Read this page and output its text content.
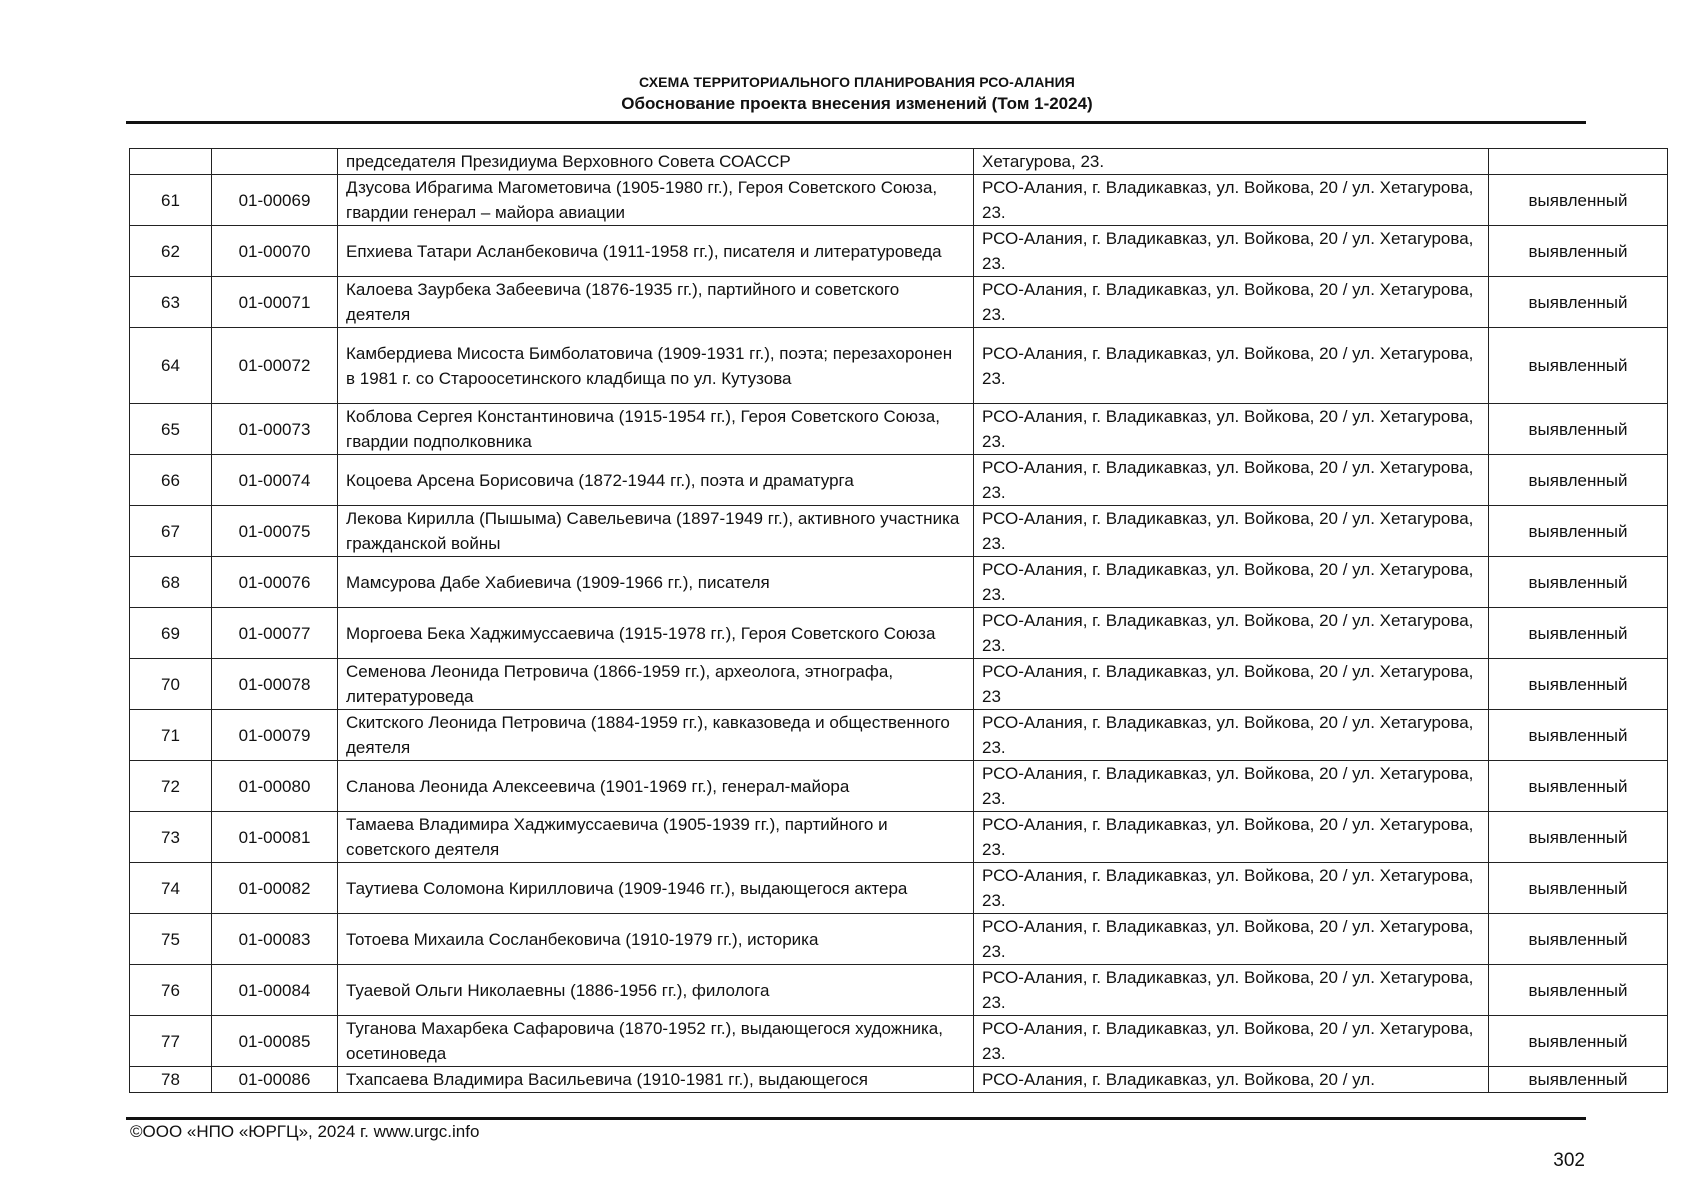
СХЕМА ТЕРРИТОРИАЛЬНОГО ПЛАНИРОВАНИЯ РСО-АЛАНИЯ
Обоснование проекта внесения изменений (Том 1-2024)
		председателя Президиума Верховного Совета СОАССР	Хетагурова, 23.	
61	01-00069	Дзусова Ибрагима Магометовича (1905-1980 гг.), Героя Советского Союза, гвардии генерал – майора авиации	РСО-Алания, г. Владикавказ, ул. Войкова, 20 / ул. Хетагурова, 23.	выявленный
62	01-00070	Епхиева Татари Асланбековича (1911-1958 гг.), писателя и литературоведа	РСО-Алания, г. Владикавказ, ул. Войкова, 20 / ул. Хетагурова, 23.	выявленный
63	01-00071	Калоева Заурбека Забеевича (1876-1935 гг.), партийного и советского деятеля	РСО-Алания, г. Владикавказ, ул. Войкова, 20 / ул. Хетагурова, 23.	выявленный
64	01-00072	Камбердиева Мисоста Бимболатовича (1909-1931 гг.), поэта; перезахоронен в 1981 г. со Староосетинского кладбища по ул. Кутузова	РСО-Алания, г. Владикавказ, ул. Войкова, 20 / ул. Хетагурова, 23.	выявленный
65	01-00073	Коблова Сергея Константиновича (1915-1954 гг.), Героя Советского Союза, гвардии подполковника	РСО-Алания, г. Владикавказ, ул. Войкова, 20 / ул. Хетагурова, 23.	выявленный
66	01-00074	Коцоева Арсена Борисовича (1872-1944 гг.), поэта и драматурга	РСО-Алания, г. Владикавказ, ул. Войкова, 20 / ул. Хетагурова, 23.	выявленный
67	01-00075	Лекова Кирилла (Пышыма) Савельевича (1897-1949 гг.), активного участника гражданской войны	РСО-Алания, г. Владикавказ, ул. Войкова, 20 / ул. Хетагурова, 23.	выявленный
68	01-00076	Мамсурова Дабе Хабиевича (1909-1966 гг.), писателя	РСО-Алания, г. Владикавказ, ул. Войкова, 20 / ул. Хетагурова, 23.	выявленный
69	01-00077	Моргоева Бека Хаджимуссаевича (1915-1978 гг.), Героя Советского Союза	РСО-Алания, г. Владикавказ, ул. Войкова, 20 / ул. Хетагурова, 23.	выявленный
70	01-00078	Семенова Леонида Петровича (1866-1959 гг.), археолога, этнографа, литературоведа	РСО-Алания, г. Владикавказ, ул. Войкова, 20 / ул. Хетагурова, 23	выявленный
71	01-00079	Скитского Леонида Петровича (1884-1959 гг.), кавказоведа и общественного деятеля	РСО-Алания, г. Владикавказ, ул. Войкова, 20 / ул. Хетагурова, 23.	выявленный
72	01-00080	Сланова Леонида Алексеевича (1901-1969 гг.), генерал-майора	РСО-Алания, г. Владикавказ, ул. Войкова, 20 / ул. Хетагурова, 23.	выявленный
73	01-00081	Тамаева Владимира Хаджимуссаевича (1905-1939 гг.), партийного и советского деятеля	РСО-Алания, г. Владикавказ, ул. Войкова, 20 / ул. Хетагурова, 23.	выявленный
74	01-00082	Таутиева Соломона Кирилловича (1909-1946 гг.), выдающегося актера	РСО-Алания, г. Владикавказ, ул. Войкова, 20 / ул. Хетагурова, 23.	выявленный
75	01-00083	Тотоева Михаила Сосланбековича (1910-1979 гг.), историка	РСО-Алания, г. Владикавказ, ул. Войкова, 20 / ул. Хетагурова, 23.	выявленный
76	01-00084	Туаевой Ольги Николаевны (1886-1956 гг.), филолога	РСО-Алания, г. Владикавказ, ул. Войкова, 20 / ул. Хетагурова, 23.	выявленный
77	01-00085	Туганова Махарбека Сафаровича (1870-1952 гг.), выдающегося художника, осетиноведа	РСО-Алания, г. Владикавказ, ул. Войкова, 20 / ул. Хетагурова, 23.	выявленный
78	01-00086	Тхапсаева Владимира Васильевича (1910-1981 гг.), выдающегося	РСО-Алания, г. Владикавказ, ул. Войкова, 20 / ул.	выявленный
©ООО «НПО «ЮРГЦ», 2024 г. www.urgc.info
302
